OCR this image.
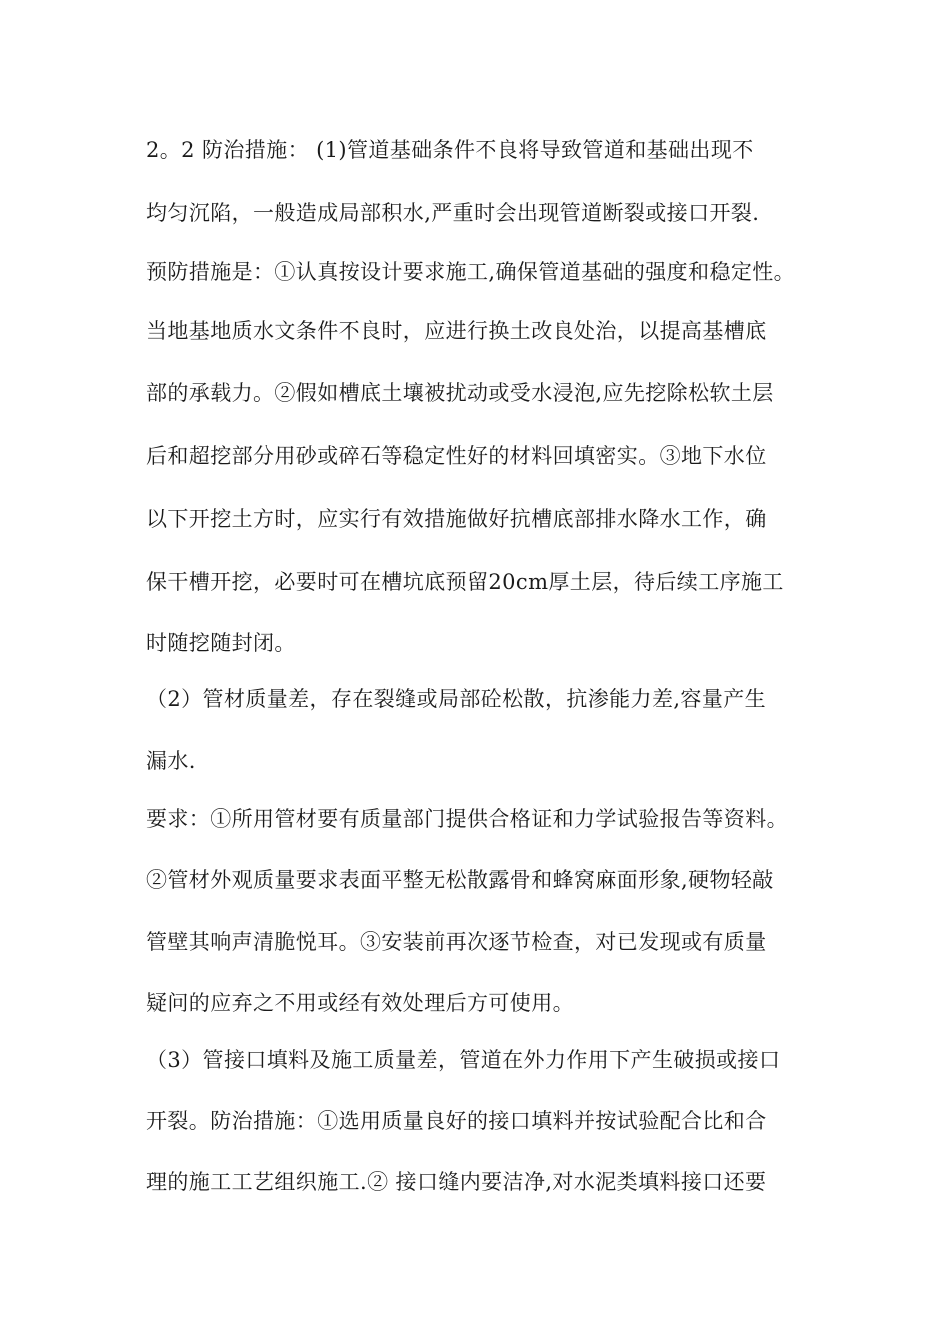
2。2 防治措施： (1)管道基础条件不良将导致管道和基础出现不
均匀沉陷，一般造成局部积水,严重时会出现管道断裂或接口开裂.
预防措施是：①认真按设计要求施工,确保管道基础的强度和稳定性。
当地基地质水文条件不良时，应进行换土改良处治，以提高基槽底
部的承载力。②假如槽底土壤被扰动或受水浸泡,应先挖除松软土层
后和超挖部分用砂或碎石等稳定性好的材料回填密实。③地下水位
以下开挖土方时，应实行有效措施做好抗槽底部排水降水工作，确
保干槽开挖，必要时可在槽坑底预留20cm厚土层，待后续工序施工
时随挖随封闭。
（2）管材质量差，存在裂缝或局部砼松散，抗渗能力差,容量产生
漏水.
要求：①所用管材要有质量部门提供合格证和力学试验报告等资料。
②管材外观质量要求表面平整无松散露骨和蜂窝麻面形象,硬物轻敲
管壁其响声清脆悦耳。③安装前再次逐节检查，对已发现或有质量
疑问的应弃之不用或经有效处理后方可使用。
（3）管接口填料及施工质量差，管道在外力作用下产生破损或接口
开裂。防治措施：①选用质量良好的接口填料并按试验配合比和合
理的施工工艺组织施工.② 接口缝内要洁净,对水泥类填料接口还要
